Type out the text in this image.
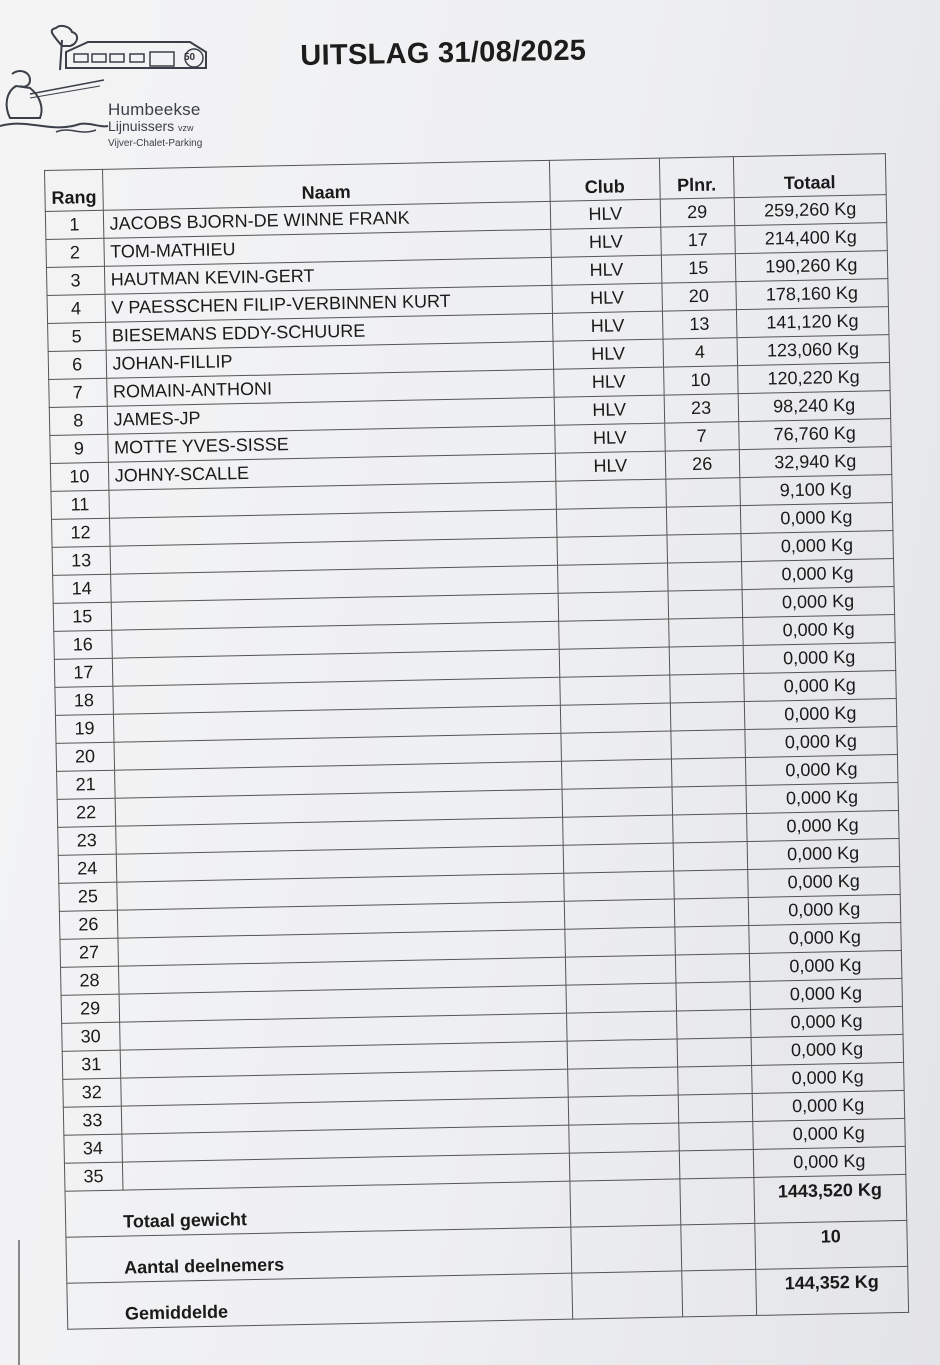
50
Humbeekse
Lijnuissers vzw
Vijver-Chalet-Parking
UITSLAG 31/08/2025
Rang	Naam	Club	Plnr.	Totaal
1	JACOBS BJORN-DE WINNE FRANK	HLV	29	259,260 Kg
2	TOM-MATHIEU	HLV	17	214,400 Kg
3	HAUTMAN KEVIN-GERT	HLV	15	190,260 Kg
4	V PAESSCHEN FILIP-VERBINNEN KURT	HLV	20	178,160 Kg
5	BIESEMANS EDDY-SCHUURE	HLV	13	141,120 Kg
6	JOHAN-FILLIP	HLV	4	123,060 Kg
7	ROMAIN-ANTHONI	HLV	10	120,220 Kg
8	JAMES-JP	HLV	23	98,240 Kg
9	MOTTE YVES-SISSE	HLV	7	76,760 Kg
10	JOHNY-SCALLE	HLV	26	32,940 Kg
11				9,100 Kg
12				0,000 Kg
13				0,000 Kg
14				0,000 Kg
15				0,000 Kg
16				0,000 Kg
17				0,000 Kg
18				0,000 Kg
19				0,000 Kg
20				0,000 Kg
21				0,000 Kg
22				0,000 Kg
23				0,000 Kg
24				0,000 Kg
25				0,000 Kg
26				0,000 Kg
27				0,000 Kg
28				0,000 Kg
29				0,000 Kg
30				0,000 Kg
31				0,000 Kg
32				0,000 Kg
33				0,000 Kg
34				0,000 Kg
35				0,000 Kg
	Totaal gewicht			1443,520 Kg
	Aantal deelnemers			10
	Gemiddelde			144,352 Kg
